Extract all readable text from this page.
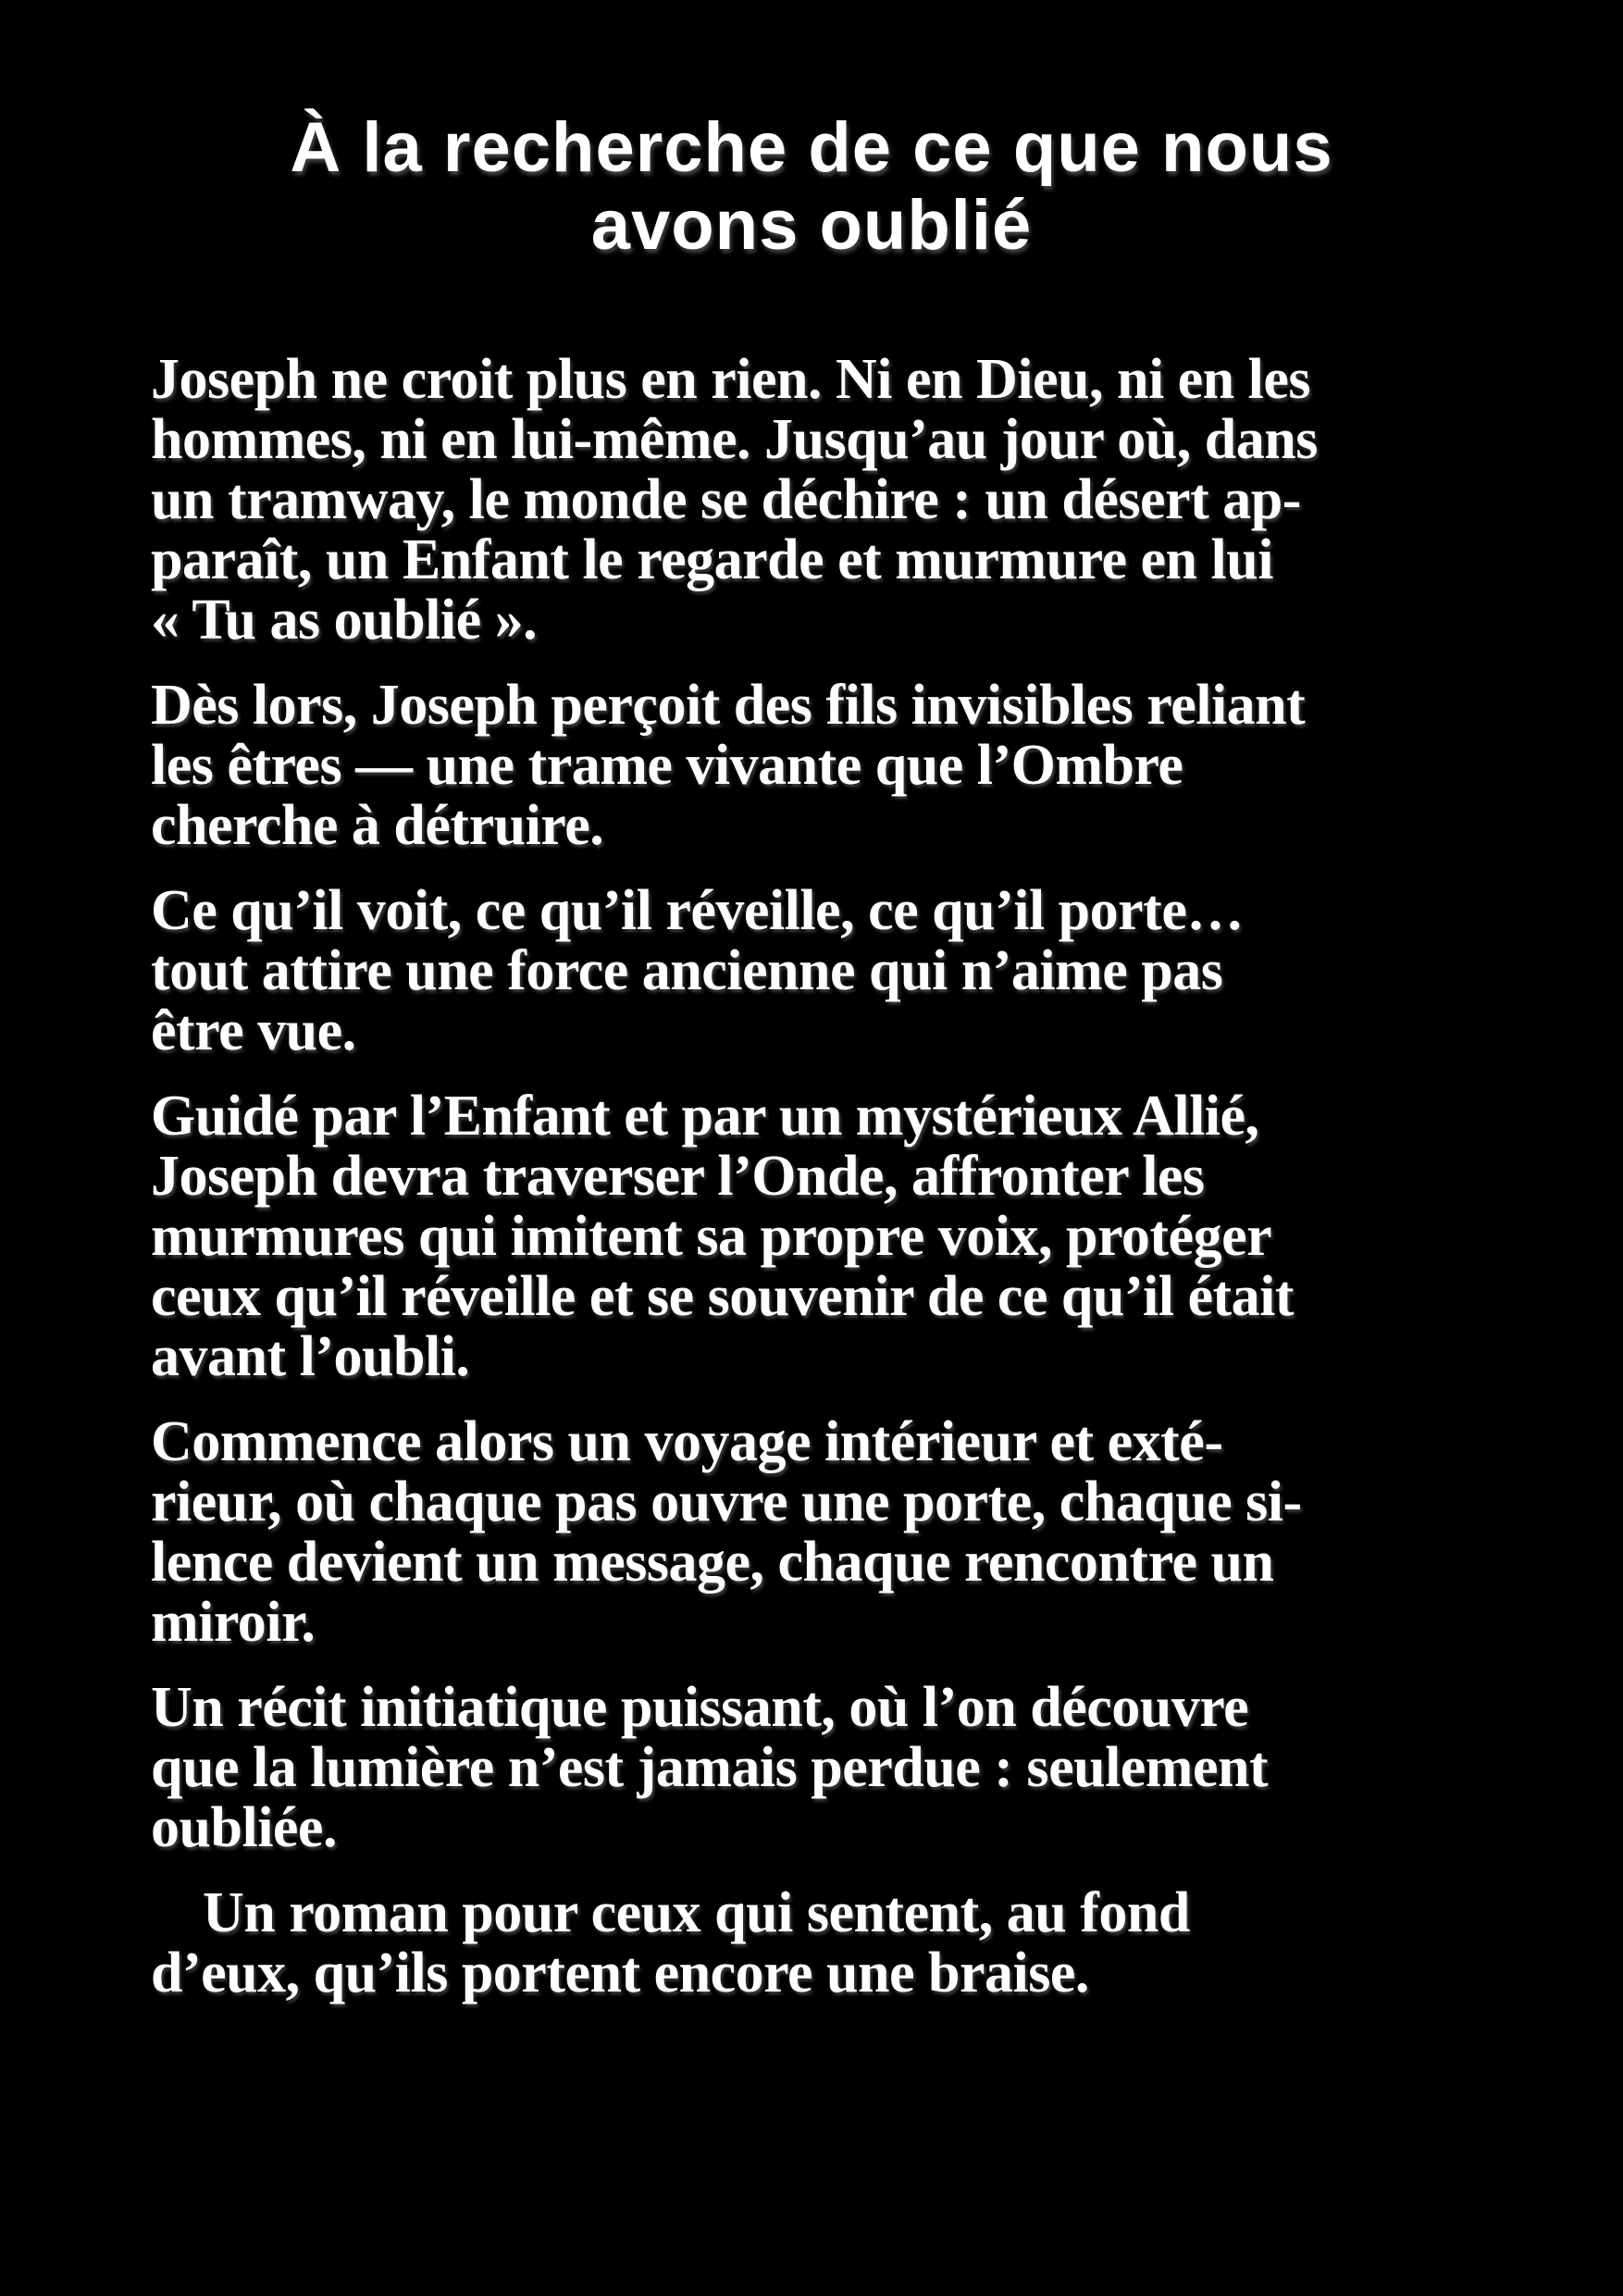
À la recherche de ce que nous
avons oublié
Joseph ne croit plus en rien. Ni en Dieu, ni en les
hommes, ni en lui-même. Jusqu’au jour où, dans
un tramway, le monde se déchire : un désert ap-
paraît, un Enfant le regarde et murmure en lui
« Tu as oublié ».
Dès lors, Joseph perçoit des fils invisibles reliant
les êtres — une trame vivante que l’Ombre
cherche à détruire.
Ce qu’il voit, ce qu’il réveille, ce qu’il porte…
tout attire une force ancienne qui n’aime pas
être vue.
Guidé par l’Enfant et par un mystérieux Allié,
Joseph devra traverser l’Onde, affronter les
murmures qui imitent sa propre voix, protéger
ceux qu’il réveille et se souvenir de ce qu’il était
avant l’oubli.
Commence alors un voyage intérieur et exté-
rieur, où chaque pas ouvre une porte, chaque si-
lence devient un message, chaque rencontre un
miroir.
Un récit initiatique puissant, où l’on découvre
que la lumière n’est jamais perdue : seulement
oubliée.
Un roman pour ceux qui sentent, au fond
d’eux, qu’ils portent encore une braise.
